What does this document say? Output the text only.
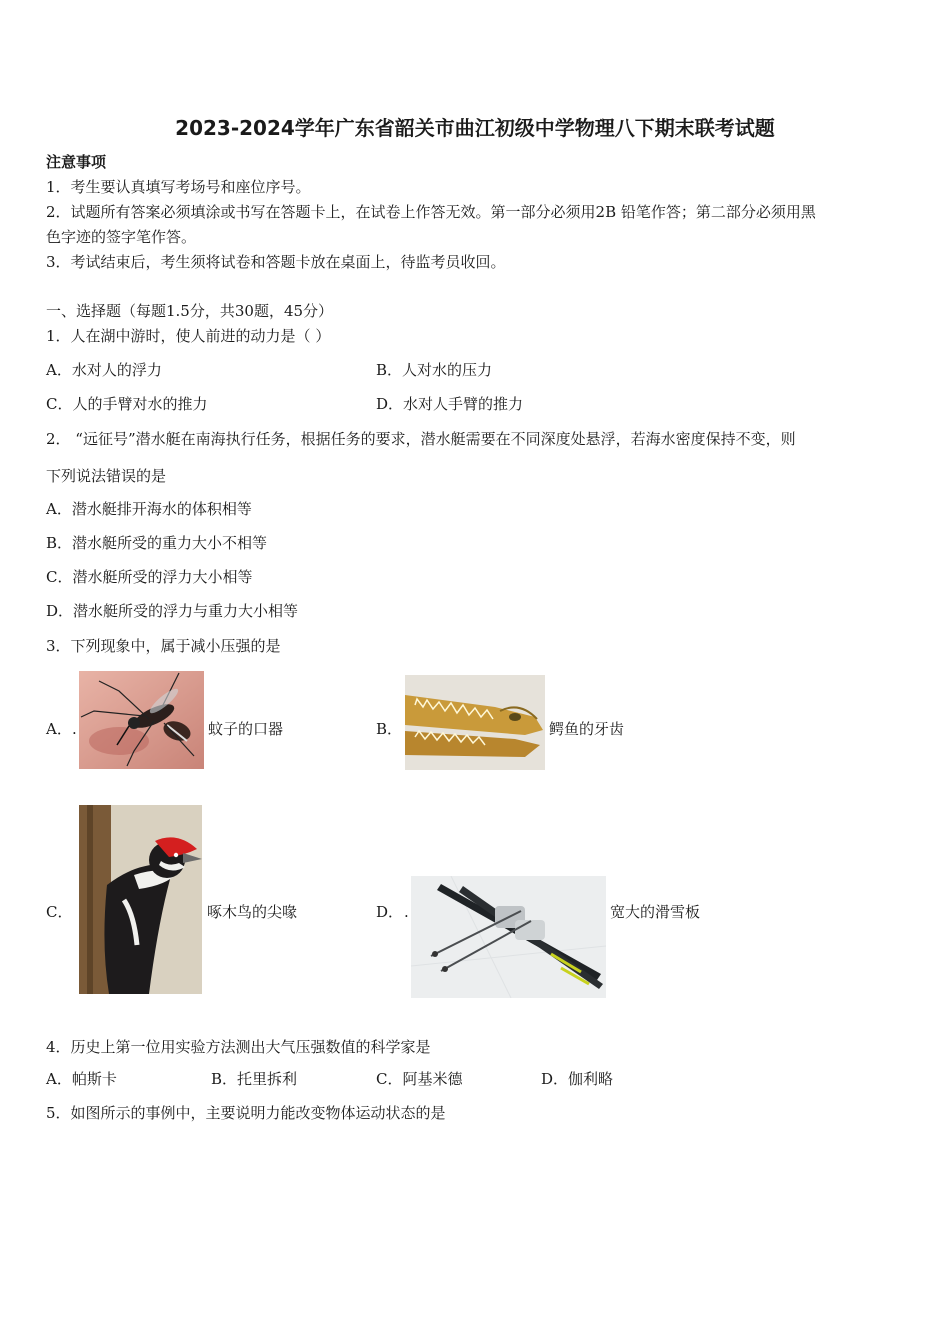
2023-2024学年广东省韶关市曲江初级中学物理八下期末联考试题
注意事项
1．考生要认真填写考场号和座位序号。
2．试题所有答案必须填涂或书写在答题卡上，在试卷上作答无效。第一部分必须用2B 铅笔作答；第二部分必须用黑
色字迹的签字笔作答。
3．考试结束后，考生须将试卷和答题卡放在桌面上，待监考员收回。
一、选择题（每题1.5分，共30题，45分）
1．人在湖中游时，使人前进的动力是（ ）
A．水对人的浮力	B．人对水的压力
C．人的手臂对水的推力	D．水对人手臂的推力
2． “远征号”潜水艇在南海执行任务，根据任务的要求，潜水艇需要在不同深度处悬浮，若海水密度保持不变，则
下列说法错误的是
A．潜水艇排开海水的体积相等
B．潜水艇所受的重力大小不相等
C．潜水艇所受的浮力大小相等
D．潜水艇所受的浮力与重力大小相等
3．下列现象中，属于减小压强的是
A． .	蚊子的口器	B．	鳄鱼的牙齿
C．	啄木鸟的尖喙	D． .	宽大的滑雪板
4．历史上第一位用实验方法测出大气压强数值的科学家是
A．帕斯卡	B．托里拆利	C．阿基米德	D．伽利略
5．如图所示的事例中，主要说明力能改变物体运动状态的是
